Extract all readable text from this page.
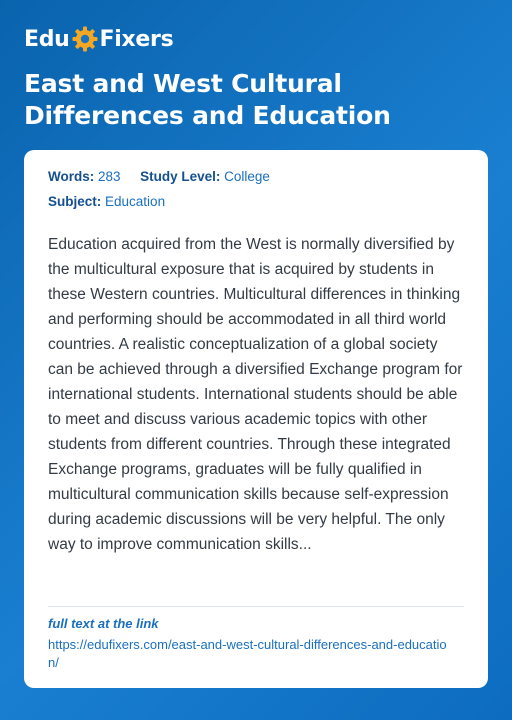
Edu Fixers
East and West Cultural Differences and Education
Words: 283 Study Level: College
Subject: Education

Education acquired from the West is normally diversified by the multicultural exposure that is acquired by students in these Western countries. Multicultural differences in thinking and performing should be accommodated in all third world countries. A realistic conceptualization of a global society can be achieved through a diversified Exchange program for international students. International students should be able to meet and discuss various academic topics with other students from different countries. Through these integrated Exchange programs, graduates will be fully qualified in multicultural communication skills because self-expression during academic discussions will be very helpful. The only way to improve communication skills...

full text at the link
https://edufixers.com/east-and-west-cultural-differences-and-education/
